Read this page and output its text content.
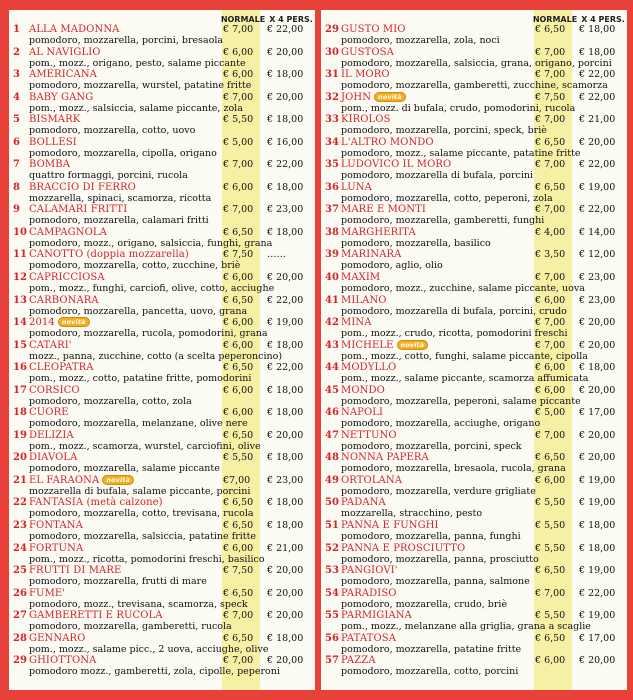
NORMALE X 4 PERS.
1 ALLA MADONNA	€ 7,00	€ 22,00
pomodoro, mozzarella, porcini, bresaola
2 AL NAVIGLIO	€ 6,00	€ 20,00
pom., mozz., origano, pesto, salame piccante
3 AMERICANA	€ 6,00	€ 18,00
pomodoro, mozzarella, wurstel, patatine fritte
4 BABY GANG	€ 7,00	€ 20,00
pom., mozz., salsiccia, salame piccante, zola
5 BISMARK	€ 5,50	€ 18,00
pomodoro, mozzarella, cotto, uovo
6 BOLLESI	€ 5,00	€ 16,00
pomodoro, mozzarella, cipolla, origano
7 BOMBA	€ 7,00	€ 22,00
quattro formaggi, porcini, rucola
8 BRACCIO DI FERRO	€ 6,00	€ 18,00
mozzarella, spinaci, scamorza, ricotta
9 CALAMARI FRITTI	€ 7,00	€ 23,00
pomodoro, mozzarella, calamari fritti
10 CAMPAGNOLA	€ 6,50	€ 18,00
pomodoro, mozz., origano, salsiccia, funghi, grana
11 CANOTTO (doppia mozzarella)	€ 7,50	……
pomodoro, mozzarella, cotto, zucchine, briè
12 CAPRICCIOSA	€ 6,00	€ 20,00
pom., mozz., funghi, carciofi, olive, cotto, acciughe
13 CARBONARA	€ 6,50	€ 22,00
pomodoro, mozzarella, pancetta, uovo, grana
14 2014 novità	€ 6,00	€ 19,00
pomodoro, mozzarella, rucola, pomodorini, grana
15 CATARI'	€ 6,00	€ 18,00
mozz., panna, zucchine, cotto (a scelta peperoncino)
16 CLEOPATRA	€ 6,50	€ 22,00
pom., mozz., cotto, patatine fritte, pomodorini
17 CORSICO	€ 6,00	€ 18,00
pomodoro, mozzarella, cotto, zola
18 CUORE	€ 6,00	€ 18,00
pomodoro, mozzarella, melanzane, olive nere
19 DELIZIA	€ 6,50	€ 20,00
pom., mozz., scamorza, wurstel, carciofini, olive
20 DIAVOLA	€ 5,50	€ 18,00
pomodoro, mozzarella, salame piccante
21 EL FARAONA novità	€7,00	€ 23,00
mozzarella di bufala, salame piccante, porcini
22 FANTASIA (metà calzone)	€ 6,50	€ 18,00
pomodoro, mozzarella, cotto, trevisana, rucola
23 FONTANA	€ 6,50	€ 18,00
pomodoro, mozzarella, salsiccia, patatine fritte
24 FORTUNA	€ 6,00	€ 21,00
pom., mozz., ricotta, pomodorini freschi, basilico
25 FRUTTI DI MARE	€ 7,50	€ 20,00
pomodoro, mozzarella, frutti di mare
26 FUME'	€ 6,50	€ 20,00
pomodoro, mozz., trevisana, scamorza, speck
27 GAMBERETTI E RUCOLA	€ 7,00	€ 20,00
pomodoro, mozzarella, gamberetti, rucola
28 GENNARO	€ 6,50	€ 18,00
pom., mozz., salame picc., 2 uova, acciughe, olive
29 GHIOTTONA	€ 7,00	€ 20,00
pomodoro mozz., gamberetti, zola, cipolle, peperoni
NORMALE X 4 PERS.
29 GUSTO MIO	€ 6,50	€ 18,00
pomodoro, mozzarella, zola, noci
30 GUSTOSA	€ 7,00	€ 18,00
pomodoro, mozzarella, salsiccia, grana, origano, porcini
31 IL MORO	€ 7,00	€ 22,00
pomodoro, mozzarella, gamberetti, zucchine, scamorza
32 JOHN novità	€ 7,50	€ 22,00
pom., mozz. di bufala, crudo, pomodorini, rucola
33 KIROLOS	€ 7,00	€ 21,00
pomodoro, mozzarella, porcini, speck, briè
34 L'ALTRO MONDO	€ 6,50	€ 20,00
pomodoro, mozz., salame piccante, patatine fritte
35 LUDOVICO IL MORO	€ 7,00	€ 22,00
pomodoro, mozzarella di bufala, porcini
36 LUNA	€ 6,50	€ 19,00
pomodoro, mozzarella, cotto, peperoni, zola
37 MARE E MONTI	€ 7,00	€ 22,00
pomodoro, mozzarella, gamberetti, funghi
38 MARGHERITA	€ 4,00	€ 14,00
pomodoro, mozzarella, basilico
39 MARINARA	€ 3,50	€ 12,00
pomodoro, aglio, olio
40 MAXIM	€ 7,00	€ 23,00
pomodoro, mozz., zucchine, salame piccante, uova
41 MILANO	€ 6,00	€ 23,00
pomodoro, mozzarella di bufala, porcini, crudo
42 MINA	€ 7,00	€ 20,00
pom., mozz., crudo, ricotta, pomodorini freschi
43 MICHELE novità	€ 7,00	€ 20,00
pom., mozz., cotto, funghi, salame piccante, cipolla
44 MODYLLO	€ 6,00	€ 18,00
pom., mozz., salame piccante, scamorza affumicata
45 MONDO	€ 6,00	€ 20,00
pomodoro, mozzarella, peperoni, salame piccante
46 NAPOLI	€ 5,00	€ 17,00
pomodoro, mozzarella, acciughe, origano
47 NETTUNO	€ 7,00	€ 20,00
pomodoro, mozzarella, porcini, speck
48 NONNA PAPERA	€ 6,50	€ 20,00
pomodoro, mozzarella, bresaola, rucola, grana
49 ORTOLANA	€ 6,00	€ 19,00
pomodoro, mozzarella, verdure grigliate
50 PADANA	€ 5,50	€ 19,00
mozzarella, stracchino, pesto
51 PANNA E FUNGHI	€ 5,50	€ 18,00
pomodoro, mozzarella, panna, funghi
52 PANNA E PROSCIUTTO	€ 5,50	€ 18,00
pomodoro, mozzarella, panna, prosciutto
53 PANGIOVI'	€ 6,50	€ 19,00
pomodoro, mozzarella, panna, salmone
54 PARADISO	€ 7,00	€ 22,00
pomodoro, mozzarella, crudo, briè
55 PARMIGIANA	€ 5,50	€ 19,00
pom., mozz., melanzane alla griglia, grana a scaglie
56 PATATOSA	€ 6,50	€ 17,00
pomodoro, mozzarella, patatine fritte
57 PAZZA	€ 6,00	€ 20,00
pomodoro, mozzarella, cotto, porcini
